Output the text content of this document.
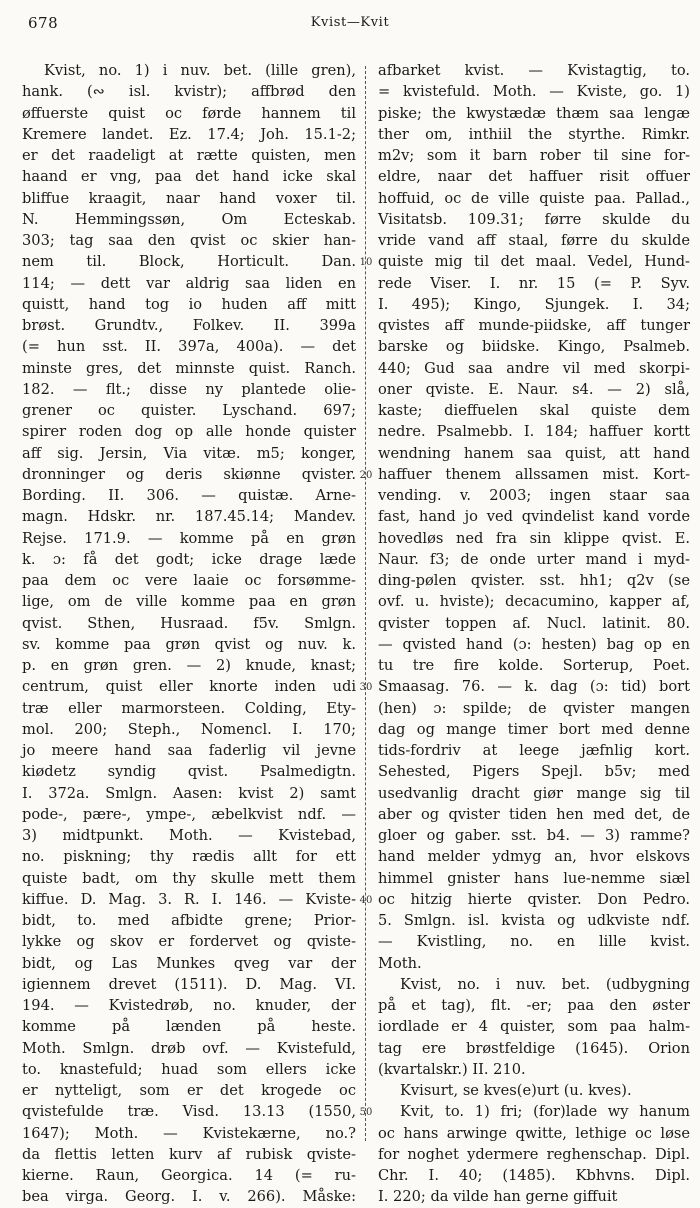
678	Kvist—Kvit
Kvist, no. 1) i nuv. bet. (lille gren),
hank. (∾ isl. kvistr); affbrød den
øffuerste quist oc førde hannem til
Kremere landet. Ez. 17.4; Joh. 15.1-2;
er det raadeligt at rætte quisten, men
haand er vng, paa det hand icke skal
bliffue kraagit, naar hand voxer til.
N. Hemmingssøn, Om Ecteskab.
303; tag saa den qvist oc skier han-
nem til. Block, Horticult. Dan.
114; — dett var aldrig saa liden en
quistt, hand tog io huden aff mitt
brøst. Grundtv., Folkev. II. 399a
(= hun sst. II. 397a, 400a). — det
minste gres, det minnste quist. Ranch.
182. — flt.; disse ny plantede olie-
grener oc quister. Lyschand. 697;
spirer roden dog op alle honde quister
aff sig. Jersin, Via vitæ. m5; konger,
dronninger og deris skiønne qvister.
Bording. II. 306. — quistæ. Arne-
magn. Hdskr. nr. 187.45.14; Mandev.
Rejse. 171.9. — komme på en grøn
k. ɔ: få det godt; icke drage læde
paa dem oc vere laaie oc forsømme-
lige, om de ville komme paa en grøn
qvist. Sthen, Husraad. f5v. Smlgn.
sv. komme paa grøn qvist og nuv. k.
p. en grøn gren. — 2) knude, knast;
centrum, quist eller knorte inden udi
træ eller marmorsteen. Colding, Ety-
mol. 200; Steph., Nomencl. I. 170;
jo meere hand saa faderlig vil jevne
kiødetz syndig qvist. Psalmedigtn.
I. 372a. Smlgn. Aasen: kvist 2) samt
pode-, pære-, ympe-, æbelkvist ndf. —
3) midtpunkt. Moth. — Kvistebad,
no. piskning; thy rædis allt for ett
quiste badt, om thy skulle mett them
kiffue. D. Mag. 3. R. I. 146. — Kviste-
bidt, to. med afbidte grene; Prior-
lykke og skov er fordervet og qviste-
bidt, og Las Munkes qveg var der
igiennem drevet (1511). D. Mag. VI.
194. — Kvistedrøb, no. knuder, der
komme på lænden på heste.
Moth. Smlgn. drøb ovf. — Kvistefuld,
to. knastefuld; huad som ellers icke
er nytteligt, som er det krogede oc
qvistefulde træ. Visd. 13.13 (1550,
1647); Moth. — Kvistekærne, no.?
da flettis letten kurv af rubisk qviste-
kierne. Raun, Georgica. 14 (= ru-
bea virga. Georg. I. v. 266). Måske:
10
20
30
40
50
afbarket kvist. — Kvistagtig, to.
= kvistefuld. Moth. — Kviste, go. 1)
piske; the kwystædæ thæm saa lengæ
ther om, inthiil the styrthe. Rimkr.
m2v; som it barn rober til sine for-
eldre, naar det haffuer risit offuer
hoffuid, oc de ville quiste paa. Pallad.,
Visitatsb. 109.31; førre skulde du
vride vand aff staal, førre du skulde
quiste mig til det maal. Vedel, Hund-
rede Viser. I. nr. 15 (= P. Syv.
I. 495); Kingo, Sjungek. I. 34;
qvistes aff munde-piidske, aff tunger
barske og biidske. Kingo, Psalmeb.
440; Gud saa andre vil med skorpi-
oner qviste. E. Naur. s4. — 2) slå,
kaste; dieffuelen skal quiste dem
nedre. Psalmebb. I. 184; haffuer kortt
wendning hanem saa quist, att hand
haffuer thenem allssamen mist. Kort-
vending. v. 2003; ingen staar saa
fast, hand jo ved qvindelist kand vorde
hovedløs ned fra sin klippe qvist. E.
Naur. f3; de onde urter mand i myd-
ding-pølen qvister. sst. hh1; q2v (se
ovf. u. hviste); decacumino, kapper af,
qvister toppen af. Nucl. latinit. 80.
— qvisted hand (ɔ: hesten) bag op en
tu tre fire kolde. Sorterup, Poet.
Smaasag. 76. — k. dag (ɔ: tid) bort
(hen) ɔ: spilde; de qvister mangen
dag og mange timer bort med denne
tids-fordriv at leege jæfnlig kort.
Sehested, Pigers Spejl. b5v; med
usedvanlig dracht giør mange sig til
aber og qvister tiden hen med det, de
gloer og gaber. sst. b4. — 3) ramme?
hand melder ydmyg an, hvor elskovs
himmel gnister hans lue-nemme siæl
oc hitzig hierte qvister. Don Pedro.
5. Smlgn. isl. kvista og udkviste ndf.
— Kvistling, no. en lille kvist.
Moth.
Kvist, no. i nuv. bet. (udbygning
på et tag), flt. -er; paa den øster
iordlade er 4 quister, som paa halm-
tag ere brøstfeldige (1645). Orion
(kvartalskr.) II. 210.
Kvisurt, se kves(e)urt (u. kves).
Kvit, to. 1) fri; (for)lade wy hanum
oc hans arwinge qwitte, lethige oc løse
for noghet ydermere reghenschap. Dipl.
Chr. I. 40; (1485). Kbhvns. Dipl.
I. 220; da vilde han gerne giffuit
